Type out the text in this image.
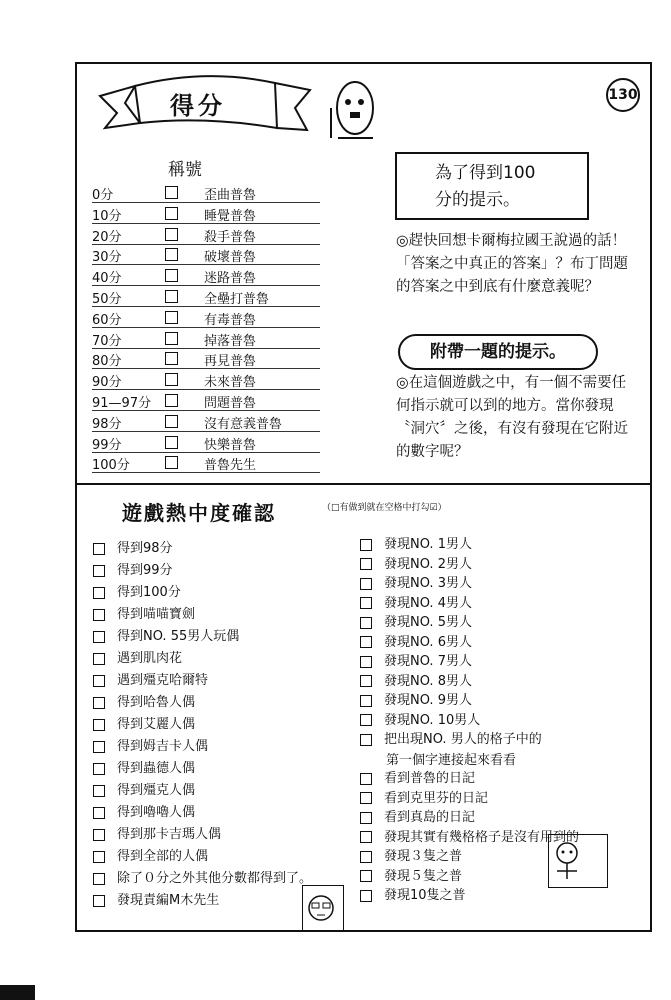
得分	130
稱號
0分	歪曲普魯
10分	睡覺普魯
20分	殺手普魯
30分	破壞普魯
40分	迷路普魯
50分	全壘打普魯
60分	有毒普魯
70分	掉落普魯
80分	再見普魯
90分	未來普魯
91—97分	問題普魯
98分	沒有意義普魯
99分	快樂普魯
100分	普魯先生
為了得到100
分的提示。
◎趕快回想卡爾梅拉國王說過的話！「答案之中真正的答案」？布丁問題的答案之中到底有什麼意義呢？
附帶一題的提示。
◎在這個遊戲之中，有一個不需要任何指示就可以到的地方。當你發現〝洞穴〞之後，有沒有發現在它附近的數字呢？
遊戲熱中度確認	（□有做到就在空格中打勾☑）
得到98分
得到99分
得到100分
得到喵喵寶劍
得到NO. 55男人玩偶
遇到肌肉花
遇到殭克哈爾特
得到哈魯人偶
得到艾麗人偶
得到姆吉卡人偶
得到蟲德人偶
得到殭克人偶
得到嚕嚕人偶
得到那卡吉瑪人偶
得到全部的人偶
除了０分之外其他分數都得到了。
發現責編M木先生
發現NO. 1男人
發現NO. 2男人
發現NO. 3男人
發現NO. 4男人
發現NO. 5男人
發現NO. 6男人
發現NO. 7男人
發現NO. 8男人
發現NO. 9男人
發現NO. 10男人
把出現NO. 男人的格子中的
看到普魯的日記
看到克里芬的日記
看到真島的日記
發現其實有幾格格子是沒有用到的
發現３隻之普
發現５隻之普
發現10隻之普
第一個字連接起來看看
